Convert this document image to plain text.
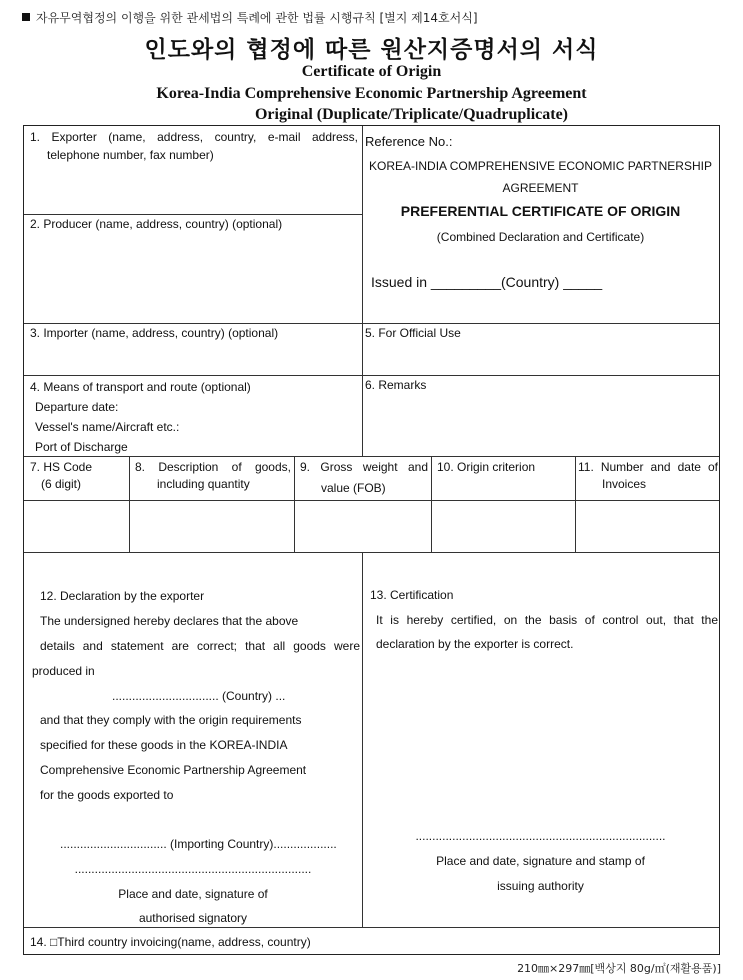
자유무역협정의 이행을 위한 관세법의 특례에 관한 법률 시행규칙 [별지 제14호서식]
인도와의 협정에 따른 원산지증명서의 서식
Certificate of Origin
Korea-India Comprehensive Economic Partnership Agreement
Original (Duplicate/Triplicate/Quadruplicate)
1. Exporter (name, address, country, e-mail address,
telephone number, fax number)
Reference No.:
KOREA-INDIA COMPREHENSIVE ECONOMIC PARTNERSHIP
AGREEMENT
PREFERENTIAL CERTIFICATE OF ORIGIN
(Combined Declaration and Certificate)
Issued in _________(Country) _____
2. Producer (name, address, country) (optional)
3. Importer (name, address, country) (optional)	5. For Official Use
4. Means of transport and route (optional)
Departure date:
Vessel's name/Aircraft etc.:
Port of Discharge
6. Remarks
7. HS Code
(6 digit)
8. Description of goods,
including quantity
9. Gross weight and
value (FOB)
10. Origin criterion	11. Number and date of
Invoices
12. Declaration by the exporter
The undersigned hereby declares that the above
details and statement are correct; that all goods were
produced in
................................ (Country) ...
and that they comply with the origin requirements
specified for these goods in the KOREA-INDIA
Comprehensive Economic Partnership Agreement
for the goods exported to
................................ (Importing Country)...................
.......................................................................
Place and date, signature of
authorised signatory
13. Certification
It is hereby certified, on the basis of control out, that the
declaration by the exporter is correct.
...........................................................................
Place and date, signature and stamp of
issuing authority
14. □Third country invoicing(name, address, country)
210㎜×297㎜[백상지 80g/㎡(재활용품)]
